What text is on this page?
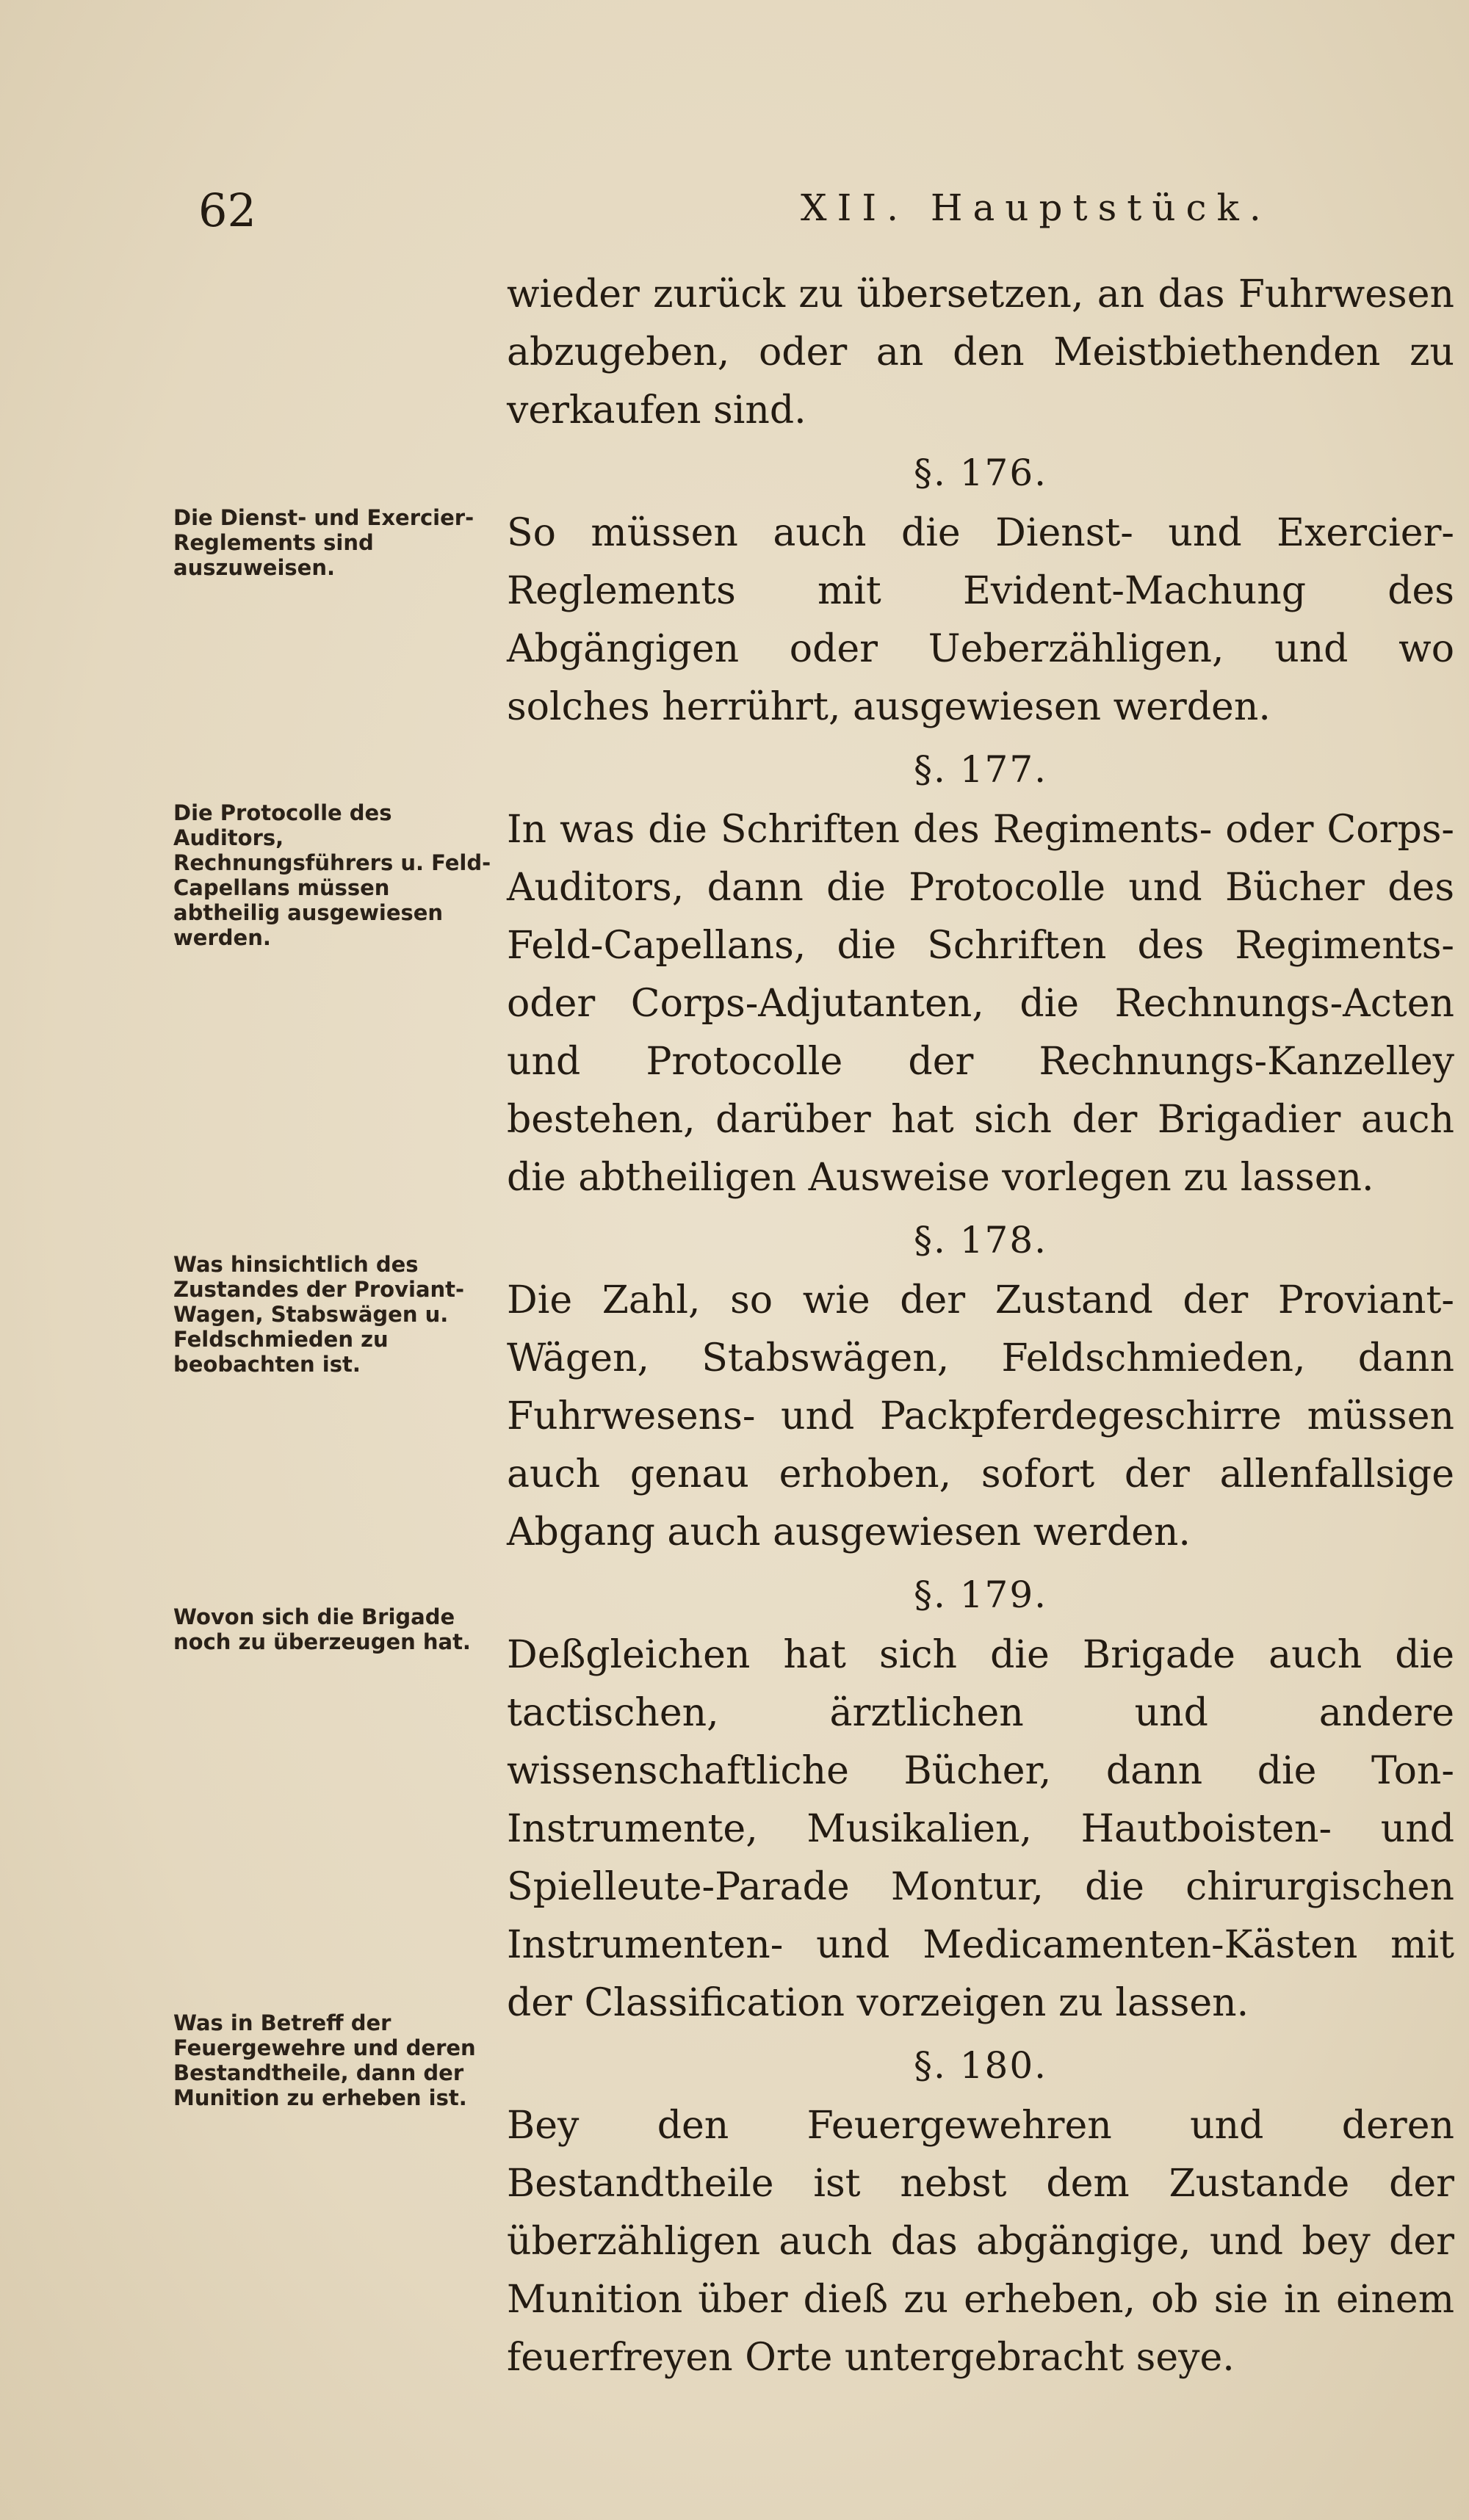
62	XII. Hauptstück.
Die Dienst- und Exercier-Reglements sind auszuweisen.
Die Protocolle des Auditors, Rechnungsführers u. Feld-Capellans müssen abtheilig ausgewiesen werden.
Was hinsichtlich des Zustandes der Proviant-Wagen, Stabswägen u. Feldschmieden zu beobachten ist.
Wovon sich die Brigade noch zu überzeugen hat.
Was in Betreff der Feuergewehre und deren Bestandtheile, dann der Munition zu erheben ist.

wieder zurück zu übersetzen, an das Fuhrwesen abzugeben, oder an den Meistbiethenden zu verkaufen sind.

§. 176.

So müssen auch die Dienst- und Exercier-Reglements mit Evident-Machung des Abgängigen oder Ueberzähligen, und wo solches herrührt, ausgewiesen werden.

§. 177.

In was die Schriften des Regiments- oder Corps-Auditors, dann die Protocolle und Bücher des Feld-Capellans, die Schriften des Regiments- oder Corps-Adjutanten, die Rechnungs-Acten und Protocolle der Rechnungs-Kanzelley bestehen, darüber hat sich der Brigadier auch die abtheiligen Ausweise vorlegen zu lassen.

§. 178.

Die Zahl, so wie der Zustand der Proviant-Wägen, Stabswägen, Feldschmieden, dann Fuhrwesens- und Packpferdegeschirre müssen auch genau erhoben, sofort der allenfallsige Abgang auch ausgewiesen werden.

§. 179.

Deßgleichen hat sich die Brigade auch die tactischen, ärztlichen und andere wissenschaftliche Bücher, dann die Ton-Instrumente, Musikalien, Hautboisten- und Spielleute-Parade Montur, die chirurgischen Instrumenten- und Medicamenten-Kästen mit der Classification vorzeigen zu lassen.

§. 180.

Bey den Feuergewehren und deren Bestandtheile ist nebst dem Zustande der überzähligen auch das abgängige, und bey der Munition über dieß zu erheben, ob sie in einem feuerfreyen Orte untergebracht seye.
